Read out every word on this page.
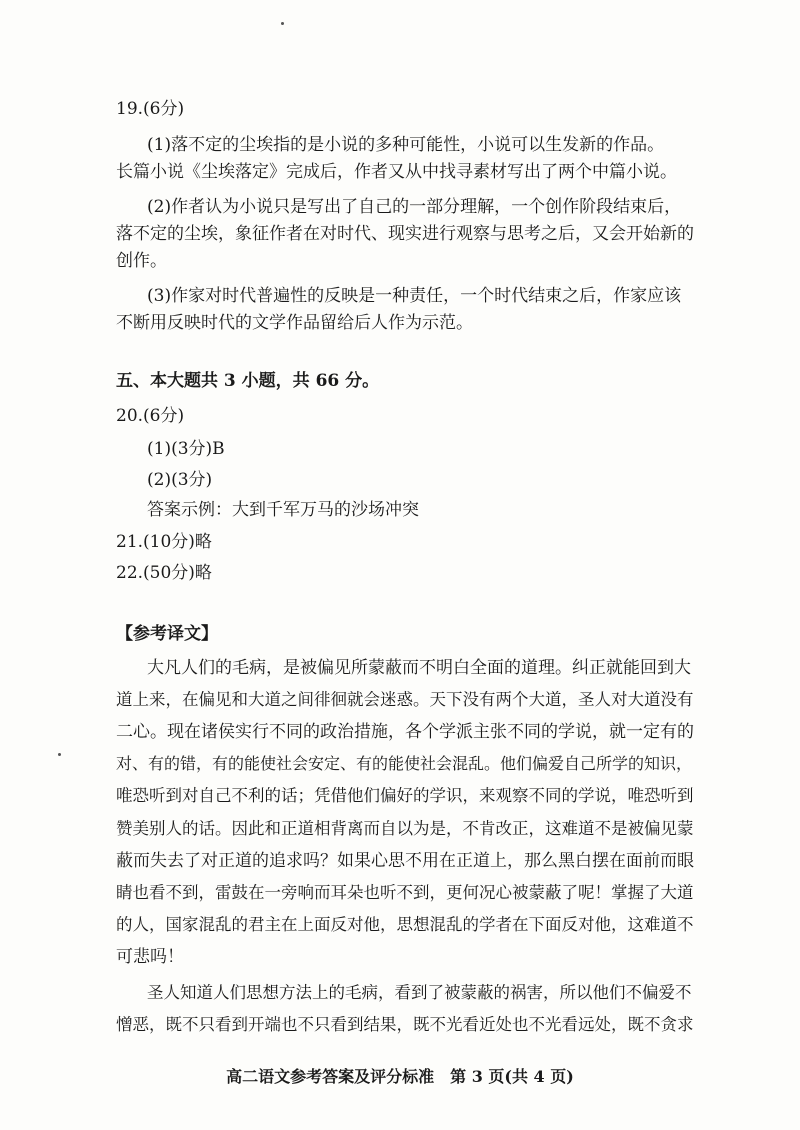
19.(6分)
(1)落不定的尘埃指的是小说的多种可能性，小说可以生发新的作品。
长篇小说《尘埃落定》完成后，作者又从中找寻素材写出了两个中篇小说。
(2)作者认为小说只是写出了自己的一部分理解，一个创作阶段结束后，
落不定的尘埃，象征作者在对时代、现实进行观察与思考之后，又会开始新的
创作。
(3)作家对时代普遍性的反映是一种责任，一个时代结束之后，作家应该
不断用反映时代的文学作品留给后人作为示范。
五、本大题共 3 小题，共 66 分。
20.(6分)
(1)(3分)B
(2)(3分)
答案示例：大到千军万马的沙场冲突
21.(10分)略
22.(50分)略
【参考译文】
大凡人们的毛病，是被偏见所蒙蔽而不明白全面的道理。纠正就能回到大
道上来，在偏见和大道之间徘徊就会迷惑。天下没有两个大道，圣人对大道没有
二心。现在诸侯实行不同的政治措施，各个学派主张不同的学说，就一定有的
对、有的错，有的能使社会安定、有的能使社会混乱。他们偏爱自己所学的知识，
唯恐听到对自己不利的话；凭借他们偏好的学识，来观察不同的学说，唯恐听到
赞美别人的话。因此和正道相背离而自以为是，不肯改正，这难道不是被偏见蒙
蔽而失去了对正道的追求吗？如果心思不用在正道上，那么黑白摆在面前而眼
睛也看不到，雷鼓在一旁响而耳朵也听不到，更何况心被蒙蔽了呢！掌握了大道
的人，国家混乱的君主在上面反对他，思想混乱的学者在下面反对他，这难道不
可悲吗！
圣人知道人们思想方法上的毛病，看到了被蒙蔽的祸害，所以他们不偏爱不
憎恶，既不只看到开端也不只看到结果，既不光看近处也不光看远处，既不贪求
高二语文参考答案及评分标准　第 3 页(共 4 页)
